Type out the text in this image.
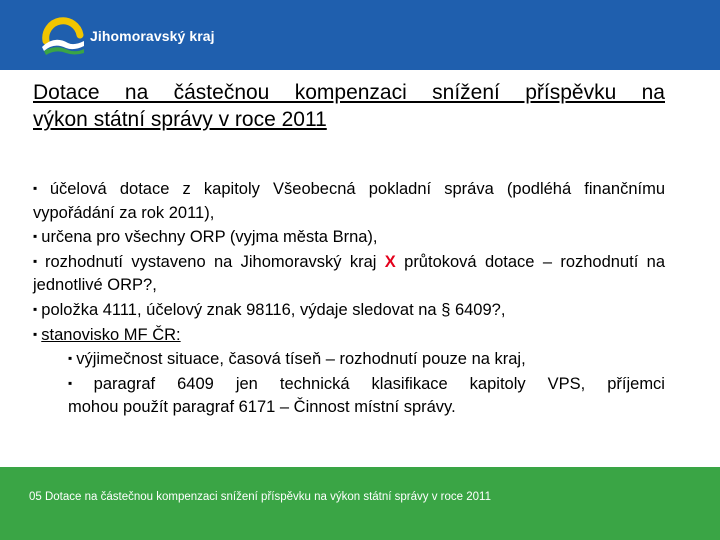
Jihomoravský kraj
Dotace na částečnou kompenzaci snížení příspěvku na
výkon státní správy v roce 2011
▪ účelová dotace z kapitoly Všeobecná pokladní správa (podléhá finančnímu vypořádání za rok 2011),
▪ určena pro všechny ORP (vyjma města Brna),
▪ rozhodnutí vystaveno na Jihomoravský kraj X průtoková dotace – rozhodnutí na jednotlivé ORP?,
▪ položka 4111, účelový znak 98116, výdaje sledovat na § 6409?,
▪ stanovisko MF ČR:
▪ výjimečnost situace, časová tíseň – rozhodnutí pouze na kraj,
▪ paragraf 6409 jen technická klasifikace kapitoly VPS, příjemci
mohou použít paragraf 6171 – Činnost místní správy.
05 Dotace na částečnou kompenzaci snížení příspěvku na výkon státní správy v roce 2011
